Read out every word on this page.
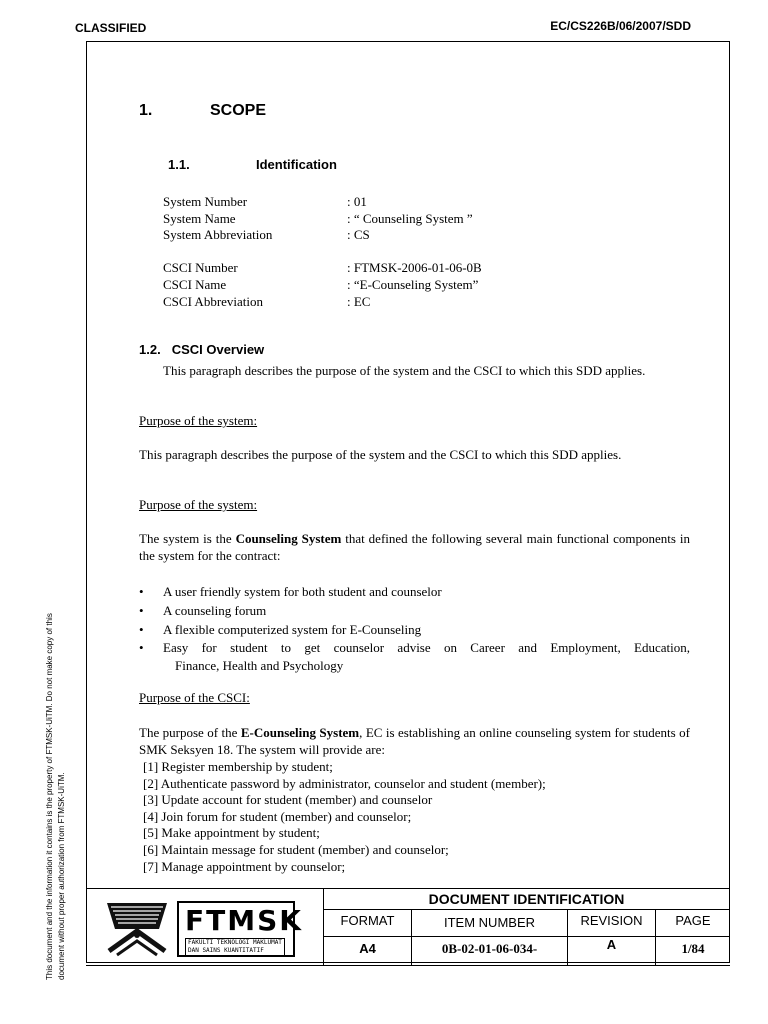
CLASSIFIED	EC/CS226B/06/2007/SDD
This document and the information it contains is the property of FTMSK-UiTM. Do not make copy of this document without proper authorization from FTMSK-UiTM.
1.	SCOPE
1.1.	Identification
System Number	: 01
System Name	: “ Counseling System ”
System Abbreviation	: CS
CSCI Number	: FTMSK-2006-01-06-0B
CSCI Name	: “E-Counseling System”
CSCI Abbreviation	: EC
1.2. CSCI Overview
This paragraph describes the purpose of the system and the CSCI to which this SDD applies.
Purpose of the system:
This paragraph describes the purpose of the system and the CSCI to which this SDD applies.
Purpose of the system:
The system is the Counseling System that defined the following several main functional components in the system for the contract:
• A user friendly system for both student and counselor
• A counseling forum
• A flexible computerized system for E-Counseling
• Easy for student to get counselor advise on Career and Employment, Education,
Finance, Health and Psychology
Purpose of the CSCI:
The purpose of the E-Counseling System, EC is establishing an online counseling system for students of SMK Seksyen 18. The system will provide are:
[1] Register membership by student;
[2] Authenticate password by administrator, counselor and student (member);
[3] Update account for student (member) and counselor
[4] Join forum for student (member) and counselor;
[5] Make appointment by student;
[6] Maintain message for student (member) and counselor;
[7] Manage appointment by counselor;
DOCUMENT IDENTIFICATION
FORMAT	ITEM NUMBER	REVISION	PAGE
A4	0B-02-01-06-034-	A	1/84
FTMSK
FAKULTI TEKNOLOGI MAKLUMAT
DAN SAINS KUANTITATIF
